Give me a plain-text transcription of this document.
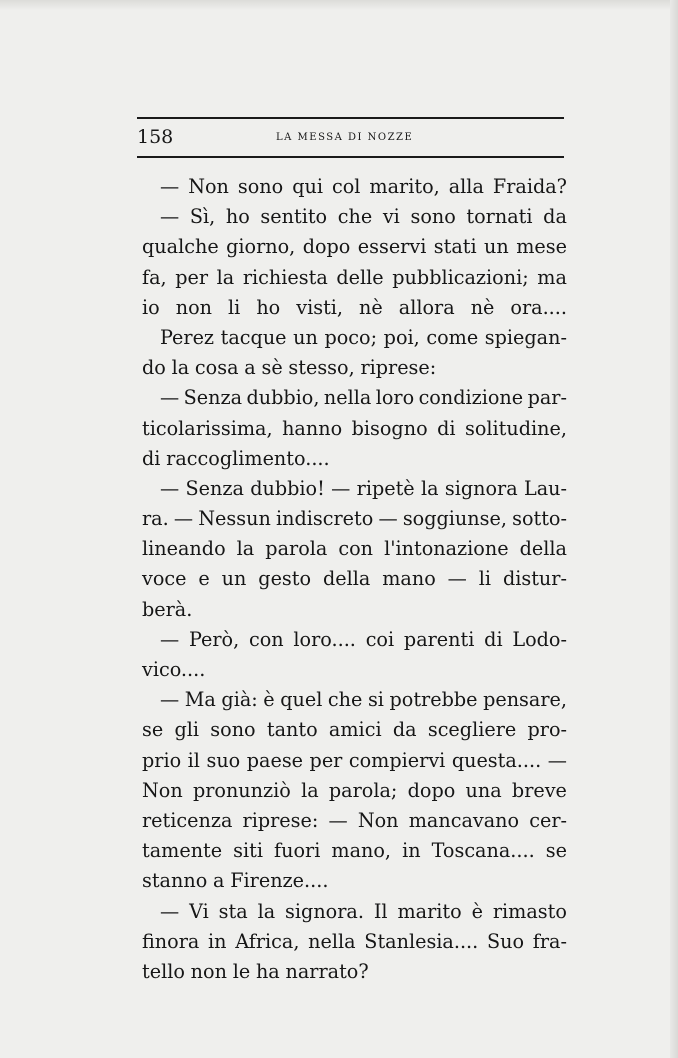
158	LA MESSA DI NOZZE
— Non sono qui col marito, alla Fraida?
— Sì, ho sentito che vi sono tornati da
qualche giorno, dopo esservi stati un mese
fa, per la richiesta delle pubblicazioni; ma
io non li ho visti, nè allora nè ora....
Perez tacque un poco; poi, come spiegan-
do la cosa a sè stesso, riprese:
— Senza dubbio, nella loro condizione par-
ticolarissima, hanno bisogno di solitudine,
di raccoglimento....
— Senza dubbio! — ripetè la signora Lau-
ra. — Nessun indiscreto — soggiunse, sotto-
lineando la parola con l'intonazione della
voce e un gesto della mano — li distur-
berà.
— Però, con loro.... coi parenti di Lodo-
vico....
— Ma già: è quel che si potrebbe pensare,
se gli sono tanto amici da scegliere pro-
prio il suo paese per compiervi questa.... —
Non pronunziò la parola; dopo una breve
reticenza riprese: — Non mancavano cer-
tamente siti fuori mano, in Toscana.... se
stanno a Firenze....
— Vi sta la signora. Il marito è rimasto
finora in Africa, nella Stanlesia.... Suo fra-
tello non le ha narrato?
